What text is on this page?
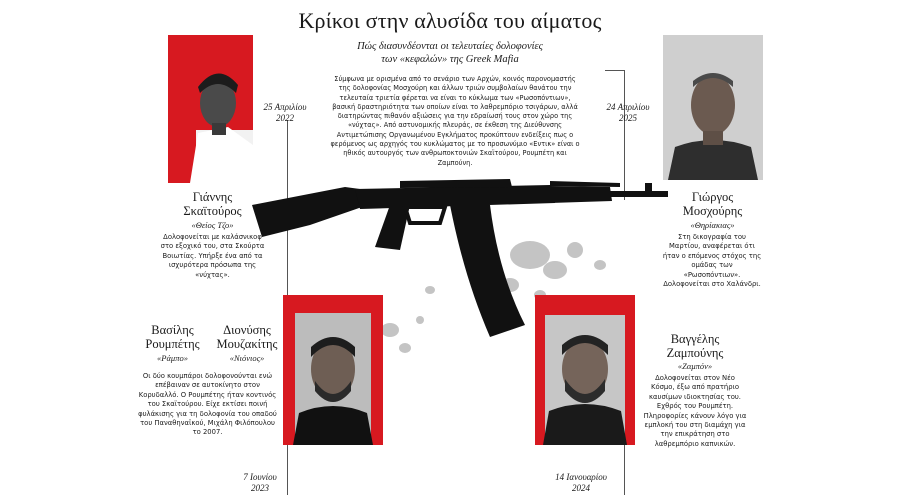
Κρίκοι στην αλυσίδα του αίματος
Πώς διασυνδέονται οι τελευταίες δολοφονίες
των «κεφαλών» της Greek Mafia

Σύμφωνα με ορισμένα από το σενάριο των Αρχών, κοινός παρονομαστής της δολοφονίας Μοσχούρη και άλλων τριών συμβολαίων θανάτου την τελευταία τριετία φέρεται να είναι το κύκλωμα των «Ρωσοπόντιων», βασική δραστηριότητα των οποίων είναι το λαθρεμπόριο τσιγάρων, αλλά διατηρώντας πιθανόν αξιώσεις για την εδραίωσή τους στον χώρο της «νύχτας». Από αστυνομικής πλευράς, σε έκθεση της Διεύθυνσης Αντιμετώπισης Οργανωμένου Εγκλήματος προκύπτουν ενδείξεις πως ο φερόμενος ως αρχηγός του κυκλώματος με το προσωνύμιο «Εντικ» είναι ο ηθικός αυτουργός των ανθρωποκτονιών Σκαϊτούρου, Ρουμπέτη και Ζαμπούνη.

25 Απριλίου
2022
Γιάννης
Σκαϊτούρος
«Θείος Τζο»

Δολοφονείται με καλάσνικοφ στο εξοχικό του, στα Σκούρτα Βοιωτίας. Υπήρξε ένα από τα ισχυρότερα πρόσωπα της «νύχτας».

24 Απριλίου
2025
Γιώργος
Μοσχούρης
«Θηρίακιας»

Στη δικογραφία του Μαρτίου, αναφέρεται ότι ήταν ο επόμενος στόχος της ομάδας των «Ρωσοπόντιων». Δολοφονείται στο Χαλάνδρι.

Βασίλης
Ρουμπέτης
«Ράμπο»
Διονύσης
Μουζακίτης
«Νιόνιος»

Οι δύο κουμπάροι δολοφονούνται ενώ επέβαιναν σε αυτοκίνητο στον Κορυδαλλό. Ο Ρουμπέτης ήταν κοντινός του Σκαϊτούρου. Είχε εκτίσει ποινή φυλάκισης για τη δολοφονία του οπαδού του Παναθηναϊκού, Μιχάλη Φιλόπουλου το 2007.

7 Ιουνίου
2023
Βαγγέλης
Ζαμπούνης
«Ζαμπόν»

Δολοφονείται στον Νέο Κόσμο, έξω από πρατήριο καυσίμων ιδιοκτησίας του. Εχθρός του Ρουμπέτη. Πληροφορίες κάνουν λόγο για εμπλοκή του στη διαμάχη για την επικράτηση στο λαθρεμπόριο καπνικών.

14 Ιανουαρίου
2024
